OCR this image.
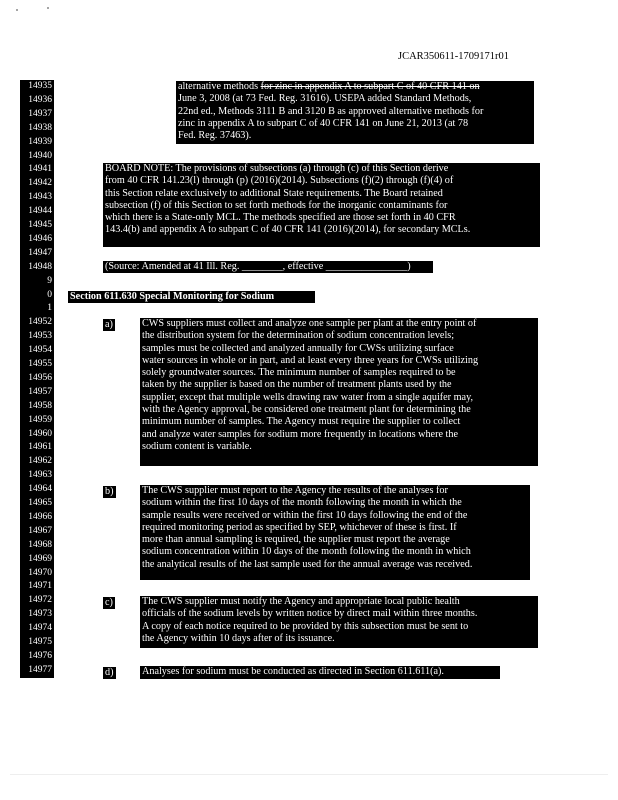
JCAR350611-1709171r01
14935
14936
14937
14938
14939
14940
14941
14942
14943
14944
14945
14946
14947
14948
9
0
1
14952
14953
14954
14955
14956
14957
14958
14959
14960
14961
14962
14963
14964
14965
14966
14967
14968
14969
14970
14971
14972
14973
14974
14975
14976
14977
alternative methods for zinc in appendix A to subpart C of 40 CFR 141 on
June 3, 2008 (at 73 Fed. Reg. 31616). USEPA added Standard Methods,
22nd ed., Methods 3111 B and 3120 B as approved alternative methods for
zinc in appendix A to subpart C of 40 CFR 141 on June 21, 2013 (at 78
Fed. Reg. 37463).
BOARD NOTE: The provisions of subsections (a) through (c) of this Section derive
from 40 CFR 141.23(l) through (p) (2016)(2014). Subsections (f)(2) through (f)(4) of
this Section relate exclusively to additional State requirements. The Board retained
subsection (f) of this Section to set forth methods for the inorganic contaminants for
which there is a State-only MCL. The methods specified are those set forth in 40 CFR
143.4(b) and appendix A to subpart C of 40 CFR 141 (2016)(2014), for secondary MCLs.
(Source: Amended at 41 Ill. Reg. ________, effective ________________)
Section 611.630 Special Monitoring for Sodium
a)	CWS suppliers must collect and analyze one sample per plant at the entry point of
the distribution system for the determination of sodium concentration levels;
samples must be collected and analyzed annually for CWSs utilizing surface
water sources in whole or in part, and at least every three years for CWSs utilizing
solely groundwater sources. The minimum number of samples required to be
taken by the supplier is based on the number of treatment plants used by the
supplier, except that multiple wells drawing raw water from a single aquifer may,
with the Agency approval, be considered one treatment plant for determining the
minimum number of samples. The Agency must require the supplier to collect
and analyze water samples for sodium more frequently in locations where the
sodium content is variable.
b)	The CWS supplier must report to the Agency the results of the analyses for
sodium within the first 10 days of the month following the month in which the
sample results were received or within the first 10 days following the end of the
required monitoring period as specified by SEP, whichever of these is first. If
more than annual sampling is required, the supplier must report the average
sodium concentration within 10 days of the month following the month in which
the analytical results of the last sample used for the annual average was received.
c)	The CWS supplier must notify the Agency and appropriate local public health
officials of the sodium levels by written notice by direct mail within three months.
A copy of each notice required to be provided by this subsection must be sent to
the Agency within 10 days after of its issuance.
d)	Analyses for sodium must be conducted as directed in Section 611.611(a).
